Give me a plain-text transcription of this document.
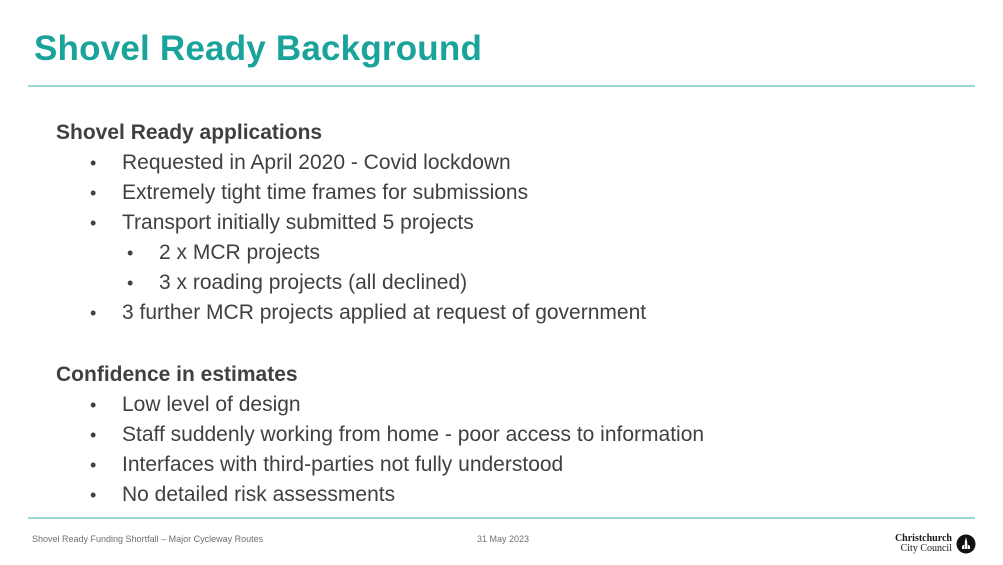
Shovel Ready Background

Shovel Ready applications

• Requested in April 2020 - Covid lockdown
• Extremely tight time frames for submissions
• Transport initially submitted 5 projects
• 2 x MCR projects
• 3 x roading projects (all declined)
• 3 further MCR projects applied at request of government

Confidence in estimates

• Low level of design
• Staff suddenly working from home - poor access to information
• Interfaces with third-parties not fully understood
• No detailed risk assessments
Shovel Ready Funding Shortfall – Major Cycleway Routes	31 May 2023	Christchurch
City Council
